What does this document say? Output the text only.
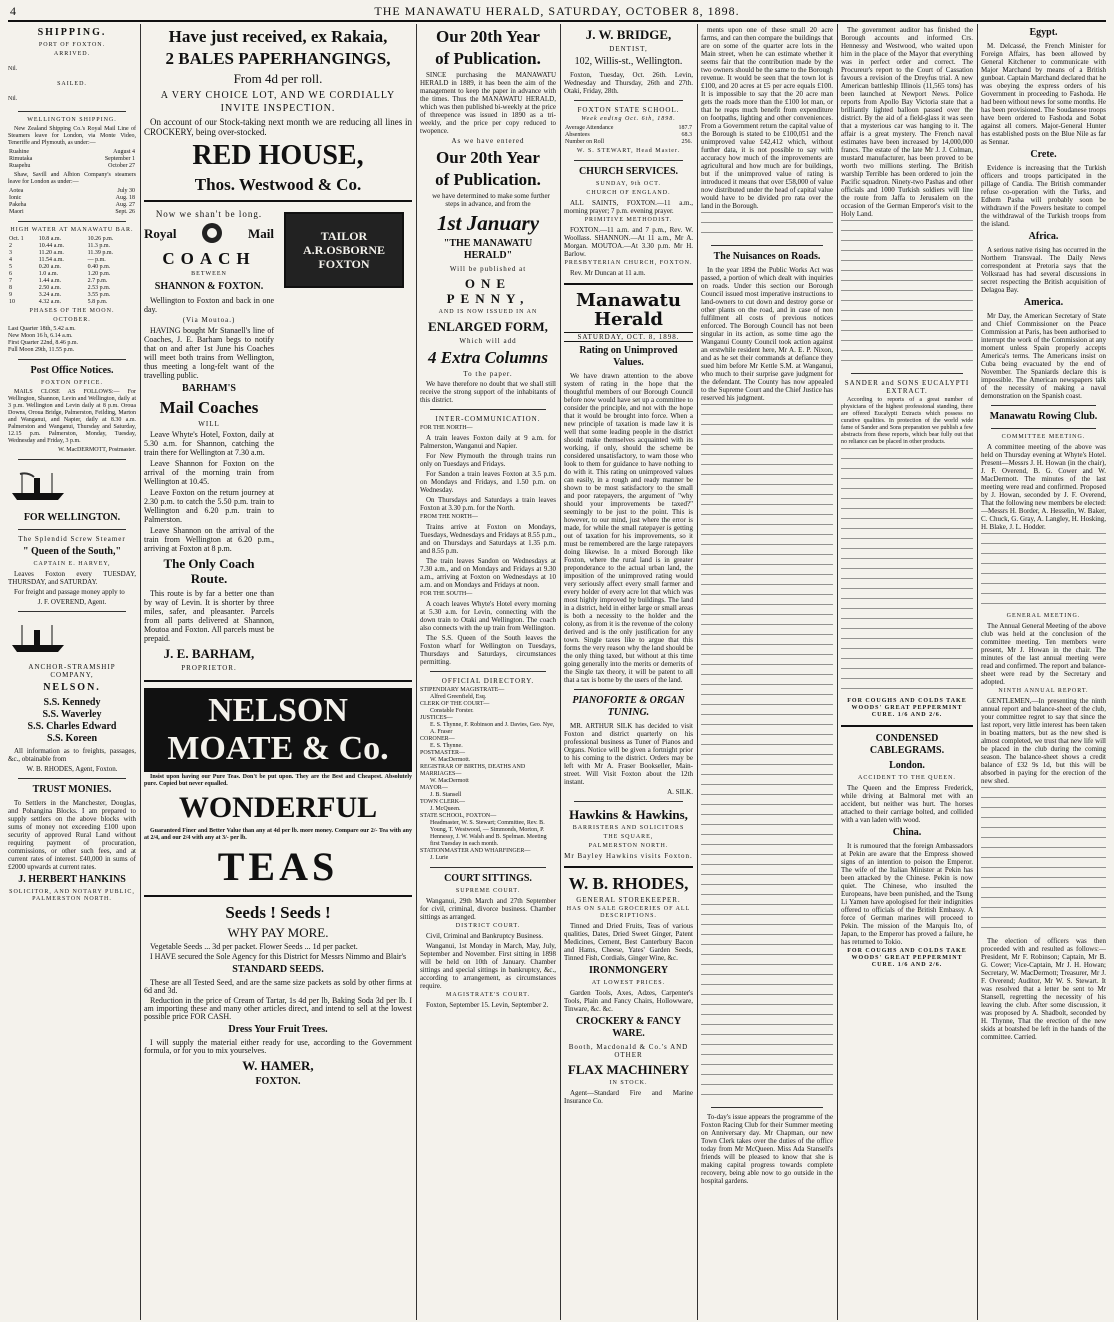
4	THE MANAWATU HERALD, SATURDAY, OCTOBER 8, 1898.
SHIPPING.
PORT OF FOXTON.
ARRIVED.
Nil.
SAILED.
Nil.
WELLINGTON SHIPPING.
New Zealand Shipping Co.'s Royal Mail Line of Steamers leave for London, via Monte Video, Teneriffe and Plymouth, as under:—
Ruahine	August 4
Rimutaka	September 1
Ruapehu	October 27
Shaw, Savill and Albion Company's steamers leave for London as under:—
Aotea	July 30
Ionic	Aug. 18
Pakeha	Aug. 27
Maori	Sept. 26
HIGH WATER AT MANAWATU BAR.
Oct. 1	10.8 a.m.	10.26 p.m.
2	10.44 a.m.	11.3 p.m.
3	11.20 a.m.	11.39 p.m.
4	11.54 a.m.	— p.m.
5	0.20 a.m.	0.40 p.m.
6	1.0 a.m.	1.20 p.m.
7	1.44 a.m.	2.7 p.m.
8	2.50 a.m.	2.53 p.m.
9	3.24 a.m.	3.55 p.m.
10	4.32 a.m.	5.8 p.m.
PHASES OF THE MOON.
OCTOBER.
Last Quarter 18th, 5.42 a.m.
New Moon 16 h, 6.14 a.m.
First Quarter 22nd, 8.46 p.m.
Full Moon 29th, 11.55 p.m.
Post Office Notices.
FOXTON OFFICE.
MAILS CLOSE AS FOLLOWS:— For Wellington, Shannon, Levin and Wellington, daily at 3 p.m. Wellington and Levin daily at 8 p.m. Oroua Downs, Oroua Bridge, Palmerston, Feilding, Marton and Wanganui, and Napier, daily at 8.30 a.m. Palmerston and Wanganui, Thursday and Saturday, 12.15 p.m. Palmerston, Monday, Tuesday, Wednesday and Friday, 3 p.m.
W. MacDERMOTT, Postmaster.
FOR WELLINGTON.
The Splendid Screw Steamer
" Queen of the South,"
CAPTAIN E. HARVEY,
Leaves Foxton every TUESDAY, THURSDAY, and SATURDAY.
For freight and passage money apply to
J. F. OVEREND, Agent.
ANCHOR-STRAMSHIP COMPANY,
NELSON.
S.S. Kennedy
S.S. Waverley
S.S. Charles Edward
S.S. Koreen
All information as to freights, passages, &c., obtainable from
W. B. RHODES, Agent, Foxton.
TRUST MONIES.
To Settlers in the Manchester, Douglas, and Pohangina Blocks. I am prepared to supply settlers on the above blocks with sums of money not exceeding £100 upon security of approved Rural Land without requiring payment of procuration, commissions, or other such fees, and at current rates of interest. £40,000 in sums of £2000 upwards at current rates.
J. HERBERT HANKINS
SOLICITOR, AND NOTARY PUBLIC, PALMERSTON NORTH.
Have just received, ex Rakaia,
2 BALES PAPERHANGINGS,
From 4d per roll.
A VERY CHOICE LOT, AND WE CORDIALLY INVITE INSPECTION.
On account of our Stock-taking next month we are reducing all lines in CROCKERY, being over-stocked.
RED HOUSE,
Thos. Westwood & Co.
Now we shan't be long.
Royal	Mail
COACH
BETWEEN
SHANNON & FOXTON.
Wellington to Foxton and back in one day.
(Via Moutoa.)
HAVING bought Mr Stanaell's line of Coaches, J. E. Barham begs to notify that on and after 1st June his Coaches will meet both trains from Wellington, thus meeting a long-felt want of the travelling public.
BARHAM'S
Mail Coaches
WILL
Leave Whyte's Hotel, Foxton, daily at 5.30 a.m. for Shannon, catching the train there for Wellington at 7.30 a.m.
Leave Shannon for Foxton on the arrival of the morning train from Wellington at 10.45.
Leave Foxton on the return journey at 2.30 p.m. to catch the 5.50 p.m. train to Wellington and 6.20 p.m. train to Palmerston.
Leave Shannon on the arrival of the train from Wellington at 6.20 p.m., arriving at Foxton at 8 p.m.
The Only Coach Route.
This route is by far a better one than by way of Levin. It is shorter by three miles, safer, and pleasanter. Parcels from all parts delivered at Shannon, Moutoa and Foxton. All parcels must be prepaid.
J. E. BARHAM,
PROPRIETOR.
TAILOR A.R.OSBORNE FOXTON
NELSON MOATE & Co.
Insist upon having our Pure Teas. Don't be put upon. They are the Best and Cheapest. Absolutely pure. Copied but never equalled.
WONDERFUL
Guaranteed Finer and Better Value than any at 4d per lb. more money. Compare our 2/- Tea with any at 2/4, and our 2/4 with any at 3/- per lb.
TEAS
Seeds ! Seeds !
WHY PAY MORE.
Vegetable Seeds ... 3d per packet. Flower Seeds ... 1d per packet.
I HAVE secured the Sole Agency for this District for Messrs Nimmo and Blair's
STANDARD SEEDS.
These are all Tested Seed, and are the same size packets as sold by other firms at 6d and 3d.
Reduction in the price of Cream of Tartar, 1s 4d per lb, Baking Soda 3d per lb. I am importing these and many other articles direct, and intend to sell at the lowest possible price FOR CASH.
Dress Your Fruit Trees.
I will supply the material either ready for use, according to the Government formula, or for you to mix yourselves.
W. HAMER,
FOXTON.
Our 20th Year
of Publication.
SINCE purchasing the MANAWATU HERALD in 1889, it has been the aim of the management to keep the paper in advance with the times. Thus the MANAWATU HERALD, which was then published bi-weekly at the price of threepence was issued in 1890 as a tri-weekly, and the price per copy reduced to twopence.
As we have entered
Our 20th Year
of Publication.
we have determined to make some further steps in advance, and from the
1st January
"THE MANAWATU HERALD"
Will be published at
ONE PENNY,
AND IS NOW ISSUED IN AN
ENLARGED FORM,
Which will add
4 Extra Columns
To the paper.
We have therefore no doubt that we shall still receive the strong support of the inhabitants of this district.
INTER-COMMUNICATION.
FOR THE NORTH—
A train leaves Foxton daily at 9 a.m. for Palmerston, Wanganui and Napier.
For New Plymouth the through trains run only on Tuesdays and Fridays.
For Sandon a train leaves Foxton at 3.5 p.m. on Mondays and Fridays, and 1.50 p.m. on Wednesday.
On Thursdays and Saturdays a train leaves Foxton at 3.30 p.m. for the North.
FROM THE NORTH—
Trains arrive at Foxton on Mondays, Tuesdays, Wednesdays and Fridays at 8.55 p.m., and on Thursdays and Saturdays at 1.35 p.m. and 8.55 p.m.
The train leaves Sandon on Wednesdays at 7.30 a.m., and on Mondays and Fridays at 9.30 a.m., arriving at Foxton on Wednesdays at 10 a.m. and on Mondays and Fridays at noon.
FOR THE SOUTH—
A coach leaves Whyte's Hotel every morning at 5.30 a.m. for Levin, connecting with the down train to Otaki and Wellington. The coach also connects with the up train from Wellington.
The S.S. Queen of the South leaves the Foxton wharf for Wellington on Tuesdays, Thursdays and Saturdays, circumstances permitting.
OFFICIAL DIRECTORY.
STIPENDIARY MAGISTRATE—
Alfred Greenfield, Esq.
CLERK OF THE COURT—
Constable Forster.
JUSTICES—
E. S. Thynne, F. Robinson and J. Davies, Geo. Nye, A. Fraser
CORONER—
E. S. Thynne.
POSTMASTER—
W. MacDermott.
REGISTRAR OF BIRTHS, DEATHS AND MARRIAGES—
W. MacDermott
MAYOR—
J. B. Stansell
TOWN CLERK—
J. McQueen.
STATE SCHOOL, FOXTON—
Headmaster, W. S. Stewart; Committee, Rev. B. Young, T. Westwood, — Simmonds, Morton, P. Hennessy, J. W. Walsh and B. Spelman. Meeting first Tuesday in each month.
STATIONMASTER AND WHARFINGER—
J. Lurie
COURT SITTINGS.
SUPREME COURT.
Wanganui, 29th March and 27th September for civil, criminal, divorce business. Chamber sittings as arranged.
DISTRICT COURT.
Civil, Criminal and Bankruptcy Business.
Wanganui, 1st Monday in March, May, July, September and November. First sitting in 1898 will be held on 10th of January. Chamber sittings and special sittings in bankruptcy, &c., according to arrangement, as circumstances require.
MAGISTRATE'S COURT.
Foxton, September 15. Levin, September 2.
J. W. BRIDGE,
DENTIST,
102, Willis-st., Wellington.
Foxton, Tuesday, Oct. 26th. Levin, Wednesday and Thursday, 26th and 27th. Otaki, Friday, 28th.
FOXTON STATE SCHOOL.
Week ending Oct. 6th, 1898.
Average Attendance	187.7
Absentees	68.3
Number on Roll	256.
W. S. STEWART, Head Master.
CHURCH SERVICES.
SUNDAY, 9th OCT.
CHURCH OF ENGLAND.
ALL SAINTS, FOXTON.—11 a.m., morning prayer; 7 p.m. evening prayer.
PRIMITIVE METHODIST.
FOXTON.—11 a.m. and 7 p.m., Rev. W. Woollass. SHANNON.—At 11 a.m., Mr A. Morgan. MOUTOA.—At 3.30 p.m. Mr H. Barlow.
PRESBYTERIAN CHURCH, FOXTON.
Rev. Mr Duncan at 11 a.m.
Manawatu Herald
SATURDAY, OCT. 8, 1898.
Rating on Unimproved Values.
We have drawn attention to the above system of rating in the hope that the thoughtful members of our Borough Council before now would have set up a committee to consider the principle, and not with the hope that it would be brought into force. When a new principle of taxation is made law it is well that some leading people in the district should make themselves acquainted with its working, if only, should the scheme be considered unsatisfactory, to warn those who look to them for guidance to have nothing to do with it. This rating on unimproved values can easily, in a rough and ready manner be shown to be most satisfactory to the small and poor ratepayers, the argument of "why should your improvements be taxed?" seemingly to be just to the point. This is however, to our mind, just where the error is made, for while the small ratepayer is getting out of taxation for his improvements, so it must be remembered are the large ratepayers doing likewise. In a mixed Borough like Foxton, where the rural land is in greater preponderance to the actual urban land, the imposition of the unimproved rating would very seriously affect every small farmer and every holder of every acre lot that which was most highly improved by buildings. The land in a district, held in either large or small areas is both a necessity to the holder and the colony, as from it is the revenue of the colony derived and is the only justification for any town. Single taxes like to argue that this forms the very reason why the land should be the only thing taxed, but without at this time going generally into the merits or demerits of the Single tax theory, it will be patent to all that a tax is borne by the users of the land.
PIANOFORTE & ORGAN TUNING.
MR. ARTHUR SILK has decided to visit Foxton and district quarterly on his professional business as Tuner of Pianos and Organs. Notice will be given a fortnight prior to his coming to the district. Orders may be left with Mr A. Fraser Bookseller, Main-street. Will Visit Foxton about the 12th instant.
A. SILK.
Hawkins & Hawkins,
BARRISTERS AND SOLICITORS
THE SQUARE,
PALMERSTON NORTH.
Mr Bayley Hawkins visits Foxton.
W. B. RHODES,
GENERAL STOREKEEPER.
HAS ON SALE GROCERIES OF ALL DESCRIPTIONS.
Tinned and Dried Fruits, Teas of various qualities, Dates, Dried Sweet Ginger, Patent Medicines, Cement, Best Canterbury Bacon and Hams, Cheese, Yates' Garden Seeds, Tinned Fish, Cordials, Ginger Wine, &c.
IRONMONGERY
AT LOWEST PRICES.
Garden Tools, Axes, Adzes, Carpenter's Tools, Plain and Fancy Chairs, Hollowware, Tinware, &c. &c.
CROCKERY & FANCY WARE.
Booth, Macdonald & Co.'s AND OTHER
FLAX MACHINERY
IN STOCK.
Agent—Standard Fire and Marine Insurance Co.
ments upon one of these small 20 acre farms, and can then compare the buildings that are on some of the quarter acre lots in the Main street, when he can estimate whether it seems fair that the contribution made by the two owners should be the same to the Borough revenue. It would be seen that the town lot is £100, and 20 acres at £5 per acre equals £100. It is impossible to say that the 20 acre man gets the roads more than the £100 lot man, or that he reaps much benefit from expenditure on footpaths, lighting and other conveniences. From a Government return the capital value of the Borough is stated to be £100,051 and the unimproved value £42,412 which, without further data, it is not possible to say with accuracy how much of the improvements are agricultural and how much are for buildings, but if the unimproved value of rating is introduced it means that over £58,000 of value now distributed under the head of capital value would have to be divided pro rata over the land in the Borough.
The Nuisances on Roads.
In the year 1894 the Public Works Act was passed, a portion of which dealt with inquiries on roads. Under this section our Borough Council issued most imperative instructions to land-owners to cut down and destroy gorse or other plants on the road, and in case of non fulfilment all costs of previous notices enforced. The Borough Council has not been singular in its action, as some time ago the Wanganui County Council took action against an erstwhile resident here, Mr A. E. P. Nixon, and as he set their commands at defiance they sued him before Mr Kettle S.M. at Wanganui, who much to their surprise gave judgment for the defendant. The County has now appealed to the Supreme Court and the Chief Justice has reserved his judgment.
To-day's issue appears the programme of the Foxton Racing Club for their Summer meeting on Anniversary day. Mr Chapman, our new Town Clerk takes over the duties of the office today from Mr McQueen. Miss Ada Stansell's friends will be pleased to know that she is making capital progress towards complete recovery, being able now to go outside in the hospital gardens.
The government auditor has finished the Borough accounts and informed Crs. Hennessy and Westwood, who waited upon him in the place of the Mayor that everything was in perfect order and correct. The Procureur's report to the Court of Cassation favours a revision of the Dreyfus trial. A new American battleship Illinois (11,565 tons) has been launched at Newport News. Police reports from Apollo Bay Victoria state that a brilliantly lighted balloon passed over the district. By the aid of a field-glass it was seen that a mysterious car was hanging to it. The affair is a great mystery. The French naval estimates have been increased by 14,000,000 francs. The estate of the late Mr J. J. Colman, mustard manufacturer, has been proved to be worth two millions sterling. The British warship Terrible has been ordered to join the Pacific squadron. Ninety-two Pashas and other officials and 1000 Turkish soldiers will line the route from Jaffa to Jerusalem on the occasion of the German Emperor's visit to the Holy Land.
SANDER and SONS EUCALYPTI EXTRACT.
According to reports of a great number of physicians of the highest professional standing, there are offered Eucalypti Extracts which possess no curative qualities. In protection of the world wide fame of Sander and Sons preparation we publish a few abstracts from these reports, which bear fully out that no reliance can be placed in other products.
FOR COUGHS AND COLDS TAKE WOODS' GREAT PEPPERMINT CURE. 1/6 AND 2/6.
CONDENSED CABLEGRAMS.
London.
ACCIDENT TO THE QUEEN.
The Queen and the Empress Frederick, while driving at Balmoral met with an accident, but neither was hurt. The horses attached to their carriage bolted, and collided with a van laden with wood.
China.
It is rumoured that the foreign Ambassadors at Pekin are aware that the Empress showed signs of an intention to poison the Emperor. The wife of the Italian Minister at Pekin has been attacked by the Chinese. Pekin is now quiet. The Chinese, who insulted the Europeans, have been punished, and the Tsung Li Yamen have apologised for their indignities offered to officials of the British Embassy. A force of German marines will proceed to Pekin. The mission of the Marquis Ito, of Japan, to the Emperor has proved a failure, he has returned to Tokio.
FOR COUGHS AND COLDS TAKE WOODS' GREAT PEPPERMINT CURE. 1/6 AND 2/6.
Egypt.
M. Delcassé, the French Minister for Foreign Affairs, has been allowed by General Kitchener to communicate with Major Marchand by means of a British gunboat. Captain Marchand declared that he was obeying the express orders of his Government in proceeding to Fashoda. He had been without news for some months. He has been provisioned. The Soudanese troops have been ordered to Fashoda and Sobat against all comers. Major-General Hunter has established posts on the Blue Nile as far as Sennar.
Crete.
Evidence is increasing that the Turkish officers and troops participated in the pillage of Candia. The British commander refuse co-operation with the Turks, and Edhem Pasha will probably soon be withdrawn if the Powers hesitate to compel the withdrawal of the Turkish troops from the island.
Africa.
A serious native rising has occurred in the Northern Transvaal. The Daily News correspondent at Pretoria says that the Volksraad has had several discussions in secret respecting the British acquisition of Delagoa Bay.
America.
Mr Day, the American Secretary of State and Chief Commissioner on the Peace Commission at Paris, has been authorised to interrupt the work of the Commission at any moment unless Spain properly accepts America's terms. The Americans insist on Cuba being evacuated by the end of November. The Spaniards declare this is impossible. The American newspapers talk of the necessity of making a naval demonstration on the Spanish coast.
Manawatu Rowing Club.
COMMITTEE MEETING.
A committee meeting of the above was held on Thursday evening at Whyte's Hotel. Present—Messrs J. H. Howan (in the chair), J. F. Overend, B. G. Cower and W. MacDermott. The minutes of the last meeting were read and confirmed. Proposed by J. Howan, seconded by J. F. Overend, That the following new members be elected:—Messrs H. Border, A. Hesselin, W. Baker, C. Chuck, G. Gray, A. Langley, H. Hosking, H. Blake, J. L. Hodder.
GENERAL MEETING.
The Annual General Meeting of the above club was held at the conclusion of the committee meeting. Ten members were present, Mr J. Howan in the chair. The minutes of the last annual meeting were read and confirmed. The report and balance-sheet were read by the Secretary and adopted.
NINTH ANNUAL REPORT.
GENTLEMEN,—In presenting the ninth annual report and balance-sheet of the club, your committee regret to say that since the last report, very little interest has been taken in boating matters, but as the new shed is almost completed, we trust that new life will be placed in the club during the coming season. The balance-sheet shows a credit balance of £32 9s 1d, but this will be absorbed in paying for the erection of the new shed.
The election of officers was then proceeded with and resulted as follows:— President, Mr F. Robinson; Captain, Mr B. G. Cower; Vice-Captain, Mr J. H. Howan; Secretary, W. MacDermott; Treasurer, Mr J. F. Overend; Auditor, Mr W. S. Stewart. It was resolved that a letter be sent to Mr Stansell, regretting the necessity of his leaving the club. After some discussion, it was proposed by A. Shadbolt, seconded by H. Thynne, That the erection of the new skids at boatshed be left in the hands of the committee. Carried.
